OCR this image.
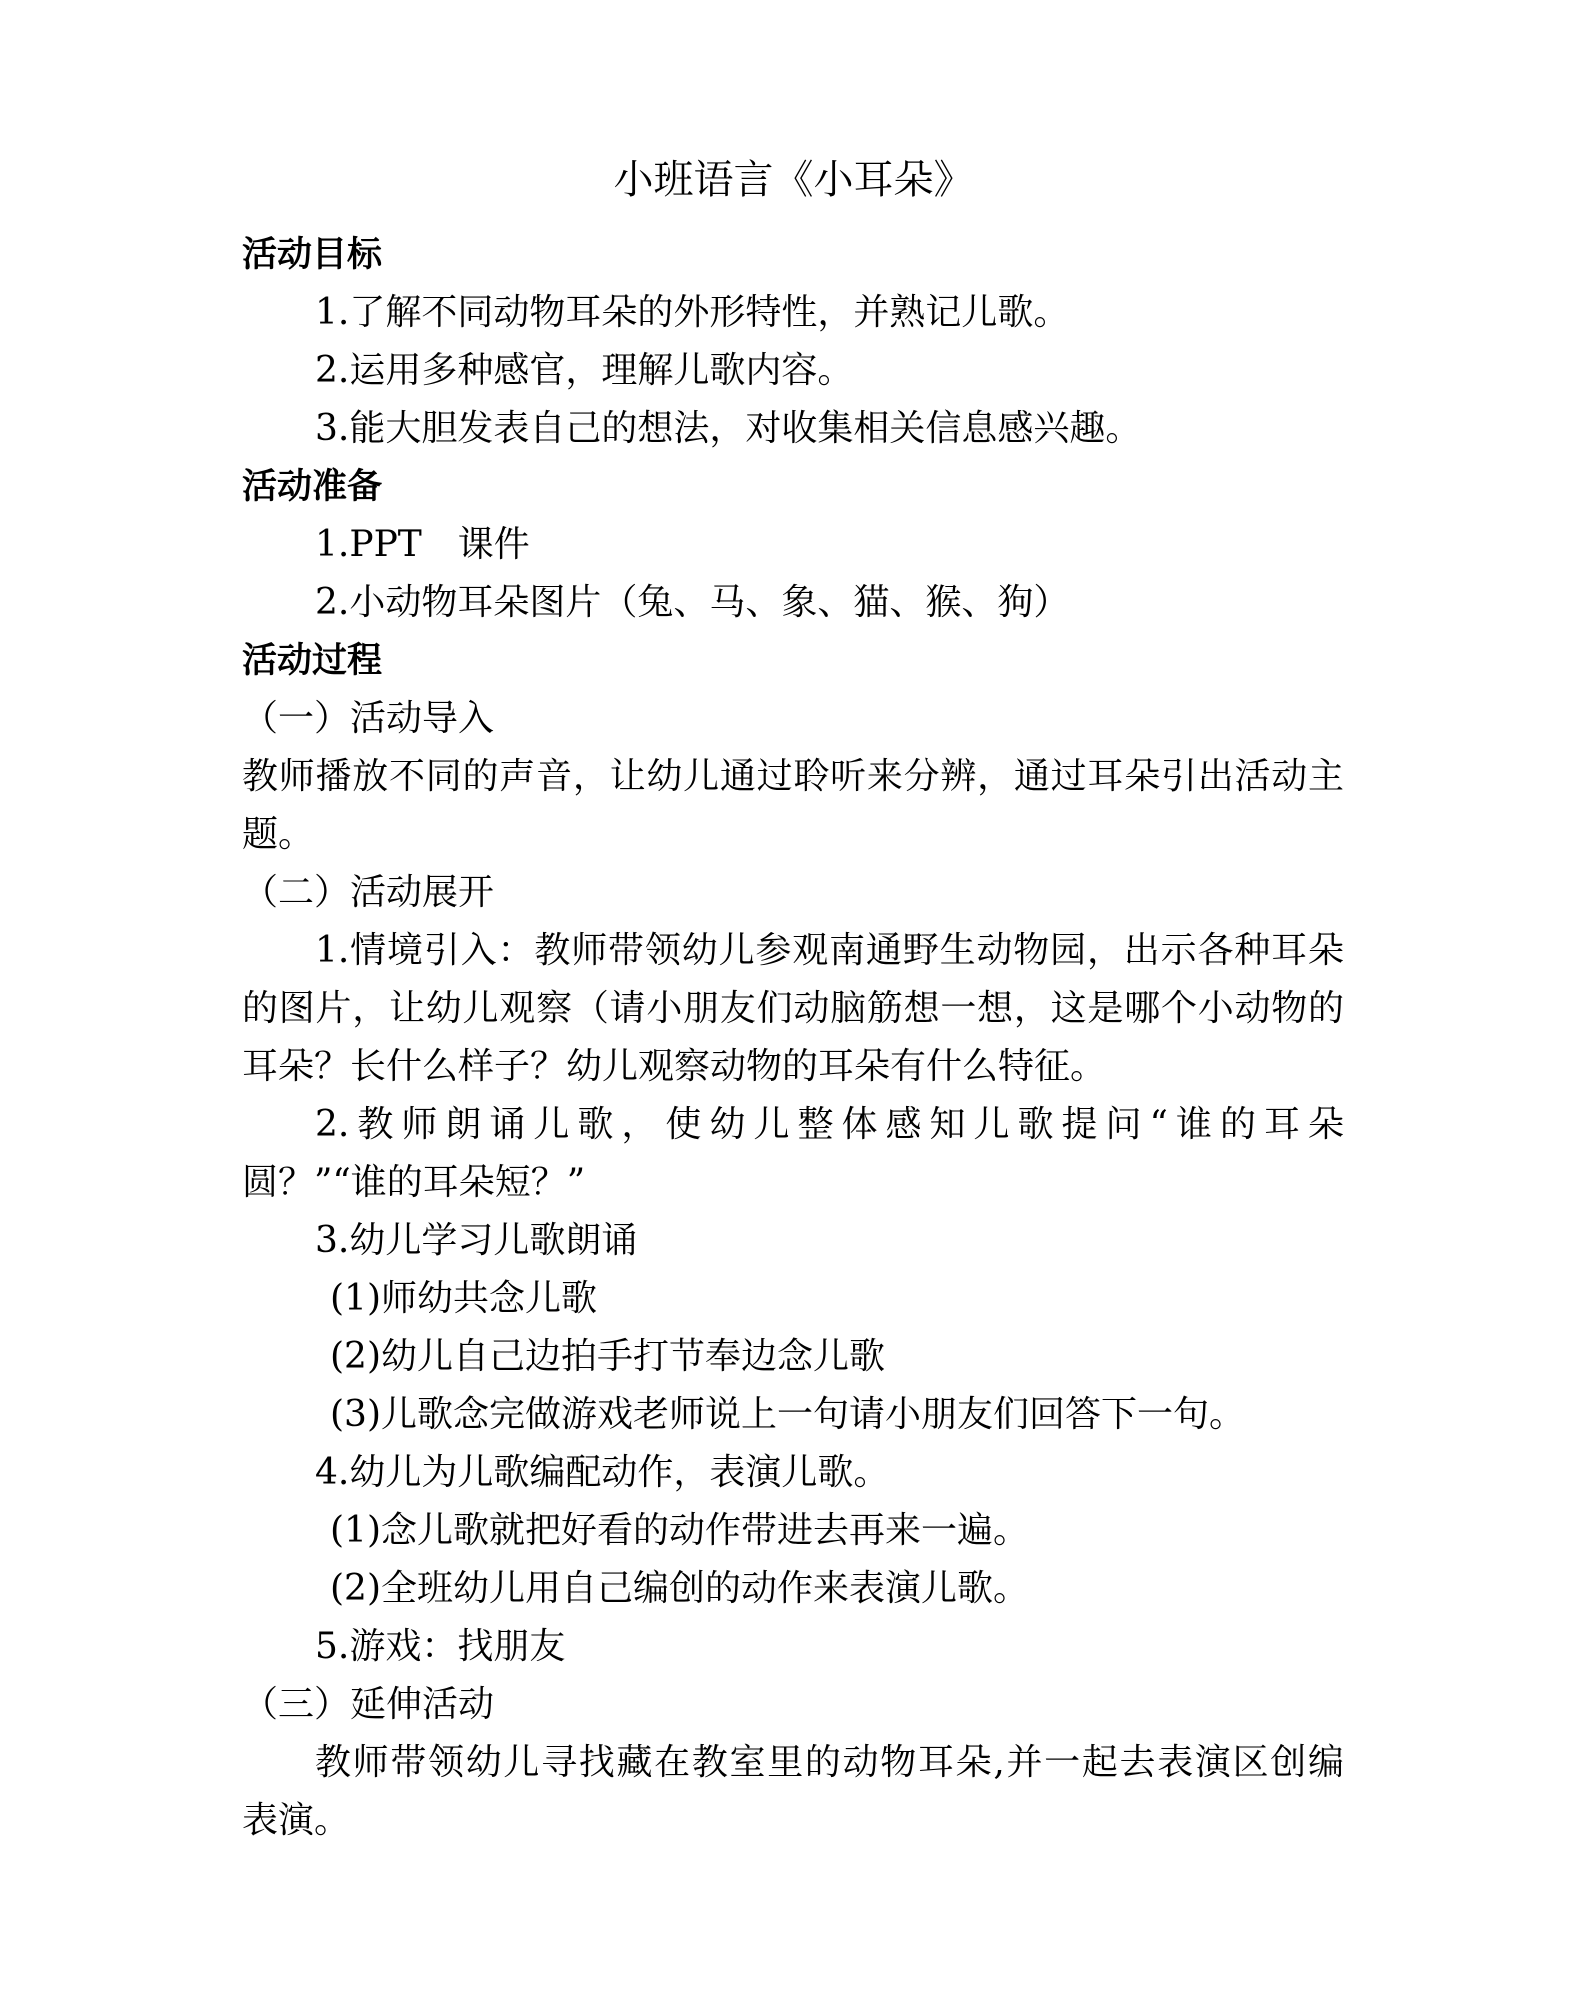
小班语言《小耳朵》
活动目标
1.了解不同动物耳朵的外形特性，并熟记儿歌。
2.运用多种感官，理解儿歌内容。
3.能大胆发表自己的想法，对收集相关信息感兴趣。
活动准备
1.PPT　课件
2.小动物耳朵图片（兔、马、象、猫、猴、狗）
活动过程
（一）活动导入
教师播放不同的声音，让幼儿通过聆听来分辨，通过耳朵引出活动主
题。
（二）活动展开
1.情境引入：教师带领幼儿参观南通野生动物园，出示各种耳朵
的图片，让幼儿观察（请小朋友们动脑筋想一想，这是哪个小动物的
耳朵？长什么样子？幼儿观察动物的耳朵有什么特征。
2.教师朗诵儿歌，使幼儿整体感知儿歌提问“谁的耳朵
圆？”“谁的耳朵短？”
3.幼儿学习儿歌朗诵
(1)师幼共念儿歌
(2)幼儿自己边拍手打节奉边念儿歌
(3)儿歌念完做游戏老师说上一句请小朋友们回答下一句。
4.幼儿为儿歌编配动作，表演儿歌。
(1)念儿歌就把好看的动作带进去再来一遍。
(2)全班幼儿用自己编创的动作来表演儿歌。
5.游戏：找朋友
（三）延伸活动
教师带领幼儿寻找藏在教室里的动物耳朵,并一起去表演区创编
表演。
